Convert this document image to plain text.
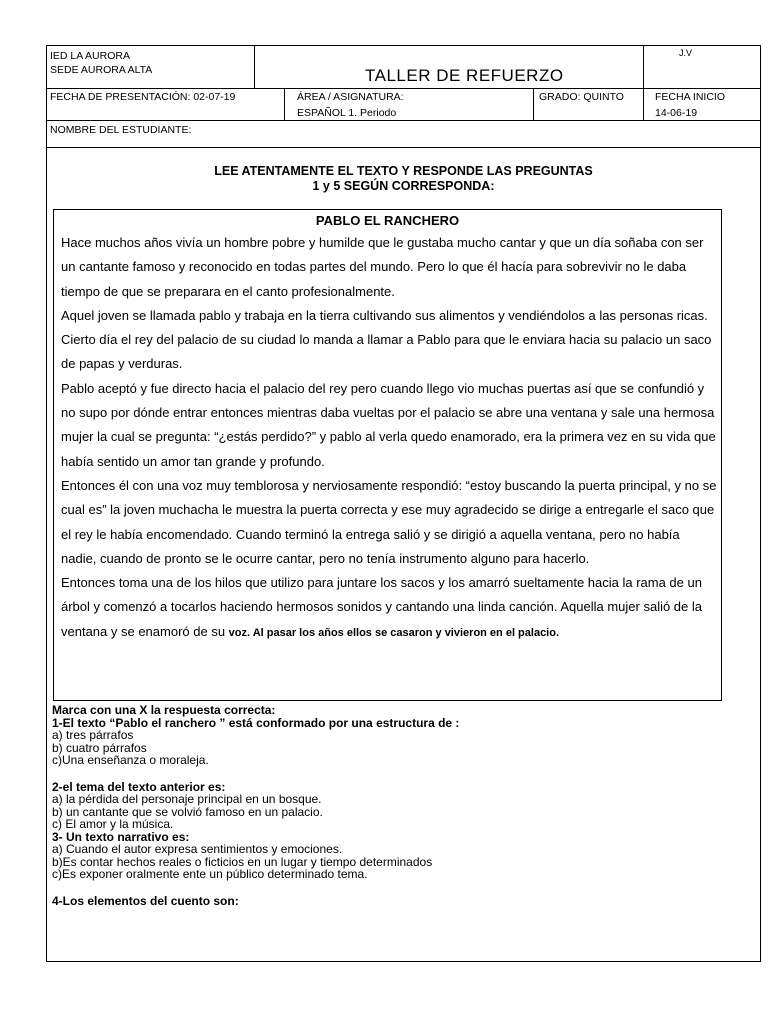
IED LA AURORA
SEDE AURORA ALTA	TALLER DE REFUERZO
J.V
FECHA DE PRESENTACIÓN: 02-07-19	ÁREA / ASIGNATURA:
ESPAÑOL 1. Periodo
GRADO: QUINTO	FECHA INICIO
14-06-19
NOMBRE DEL ESTUDIANTE:
LEE ATENTAMENTE EL TEXTO Y RESPONDE LAS PREGUNTAS
1 y 5 SEGÚN CORRESPONDA:
PABLO EL RANCHERO
Hace muchos años vivía un hombre pobre y humilde que le gustaba mucho cantar y que un día soñaba con ser un cantante famoso y reconocido en todas partes del mundo. Pero lo que él hacía para sobrevivir no le daba tiempo de que se preparara en el canto profesionalmente.
Aquel joven se llamada pablo y trabaja en la tierra cultivando sus alimentos y vendiéndolos a las personas ricas. Cierto día el rey del palacio de su ciudad lo manda a llamar a Pablo para que le enviara hacia su palacio un saco de papas y verduras.
Pablo aceptó y fue directo hacia el palacio del rey pero cuando llego vio muchas puertas así que se confundió y no supo por dónde entrar entonces mientras daba vueltas por el palacio se abre una ventana y sale una hermosa mujer la cual se pregunta: “¿estás perdido?” y pablo al verla quedo enamorado, era la primera vez en su vida que había sentido un amor tan grande y profundo.
Entonces él con una voz muy temblorosa y nerviosamente respondió: “estoy buscando la puerta principal, y no se cual es” la joven muchacha le muestra la puerta correcta y ese muy agradecido se dirige a entregarle el saco que el rey le había encomendado. Cuando terminó la entrega salió y se dirigió a aquella ventana, pero no había nadie, cuando de pronto se le ocurre cantar, pero no tenía instrumento alguno para hacerlo.
Entonces toma una de los hilos que utilizo para juntare los sacos y los amarró sueltamente hacia la rama de un árbol y comenzó a tocarlos haciendo hermosos sonidos y cantando una linda canción. Aquella mujer salió de la ventana y se enamoró de su voz. Al pasar los años ellos se casaron y vivieron en el palacio.
Marca con una X la respuesta correcta:
1-El texto “Pablo el ranchero ” está conformado por una estructura de :
a) tres párrafos
b) cuatro párrafos
c)Una enseñanza o moraleja.
2-el tema del texto anterior es:
a) la pérdida del personaje principal en un bosque.
b) un cantante que se volvió famoso en un palacio.
c) El amor y la música.
3- Un texto narrativo es:
a) Cuando el autor expresa sentimientos y emociones.
b)Es contar hechos reales o ficticios en un lugar y tiempo determinados
c)Es exponer oralmente ente un público determinado tema.
4-Los elementos del cuento son:
